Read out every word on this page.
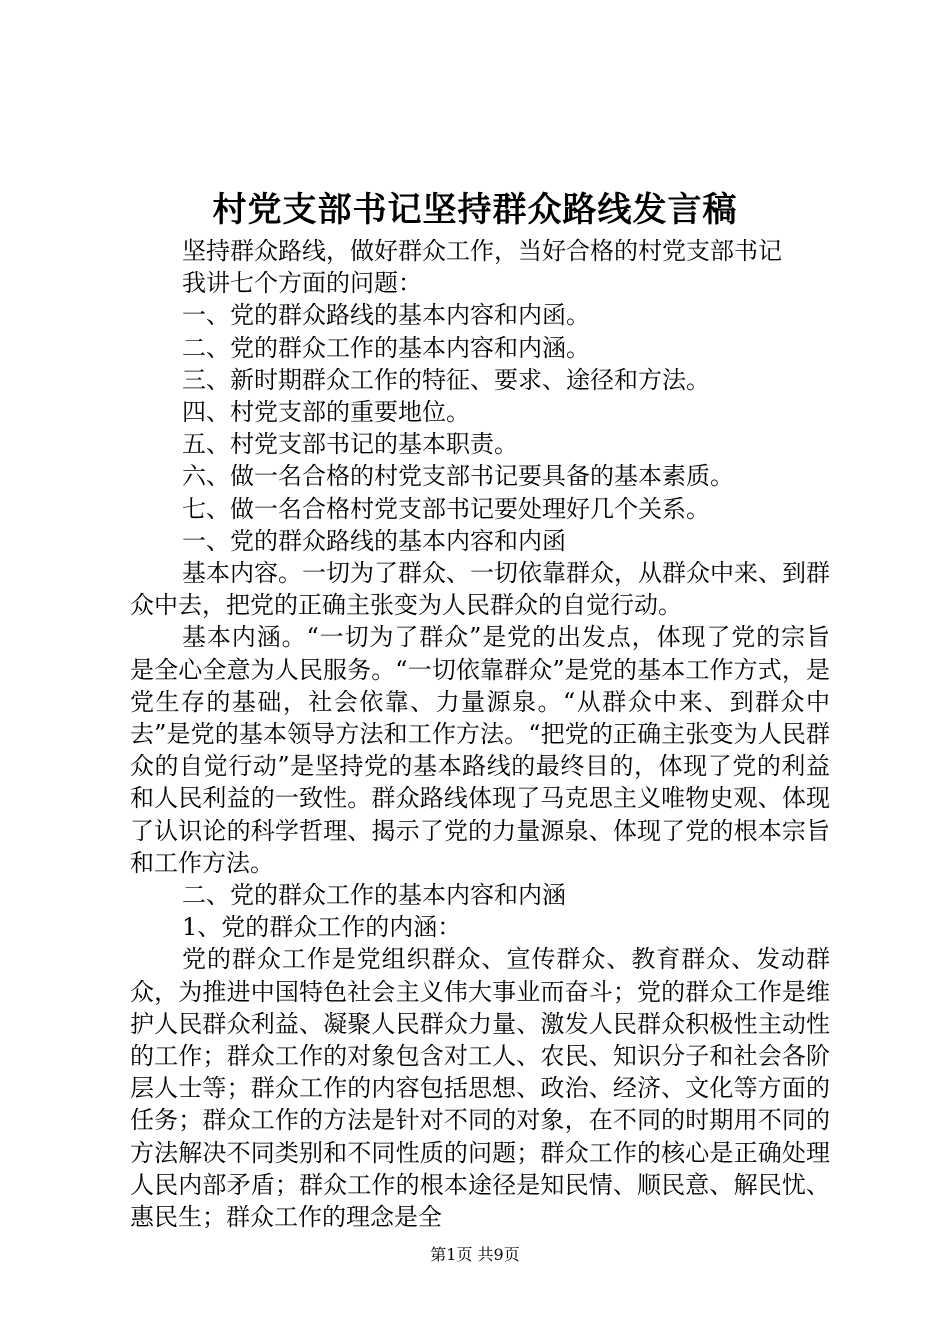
村党支部书记坚持群众路线发言稿

坚持群众路线，做好群众工作，当好合格的村党支部书记

我讲七个方面的问题：

一、党的群众路线的基本内容和内函。

二、党的群众工作的基本内容和内涵。

三、新时期群众工作的特征、要求、途径和方法。

四、村党支部的重要地位。

五、村党支部书记的基本职责。

六、做一名合格的村党支部书记要具备的基本素质。

七、做一名合格村党支部书记要处理好几个关系。

一、党的群众路线的基本内容和内函

基本内容。一切为了群众、一切依靠群众，从群众中来、到群众中去，把党的正确主张变为人民群众的自觉行动。

基本内涵。“一切为了群众”是党的出发点，体现了党的宗旨是全心全意为人民服务。“一切依靠群众”是党的基本工作方式，是党生存的基础，社会依靠、力量源泉。“从群众中来、到群众中去”是党的基本领导方法和工作方法。“把党的正确主张变为人民群众的自觉行动”是坚持党的基本路线的最终目的，体现了党的利益和人民利益的一致性。群众路线体现了马克思主义唯物史观、体现了认识论的科学哲理、揭示了党的力量源泉、体现了党的根本宗旨和工作方法。

二、党的群众工作的基本内容和内涵

1、党的群众工作的内涵：

党的群众工作是党组织群众、宣传群众、教育群众、发动群众，为推进中国特色社会主义伟大事业而奋斗；党的群众工作是维护人民群众利益、凝聚人民群众力量、激发人民群众积极性主动性的工作；群众工作的对象包含对工人、农民、知识分子和社会各阶层人士等；群众工作的内容包括思想、政治、经济、文化等方面的任务；群众工作的方法是针对不同的对象，在不同的时期用不同的方法解决不同类别和不同性质的问题；群众工作的核心是正确处理人民内部矛盾；群众工作的根本途径是知民情、顺民意、解民忧、惠民生；群众工作的理念是全

第1页 共9页
